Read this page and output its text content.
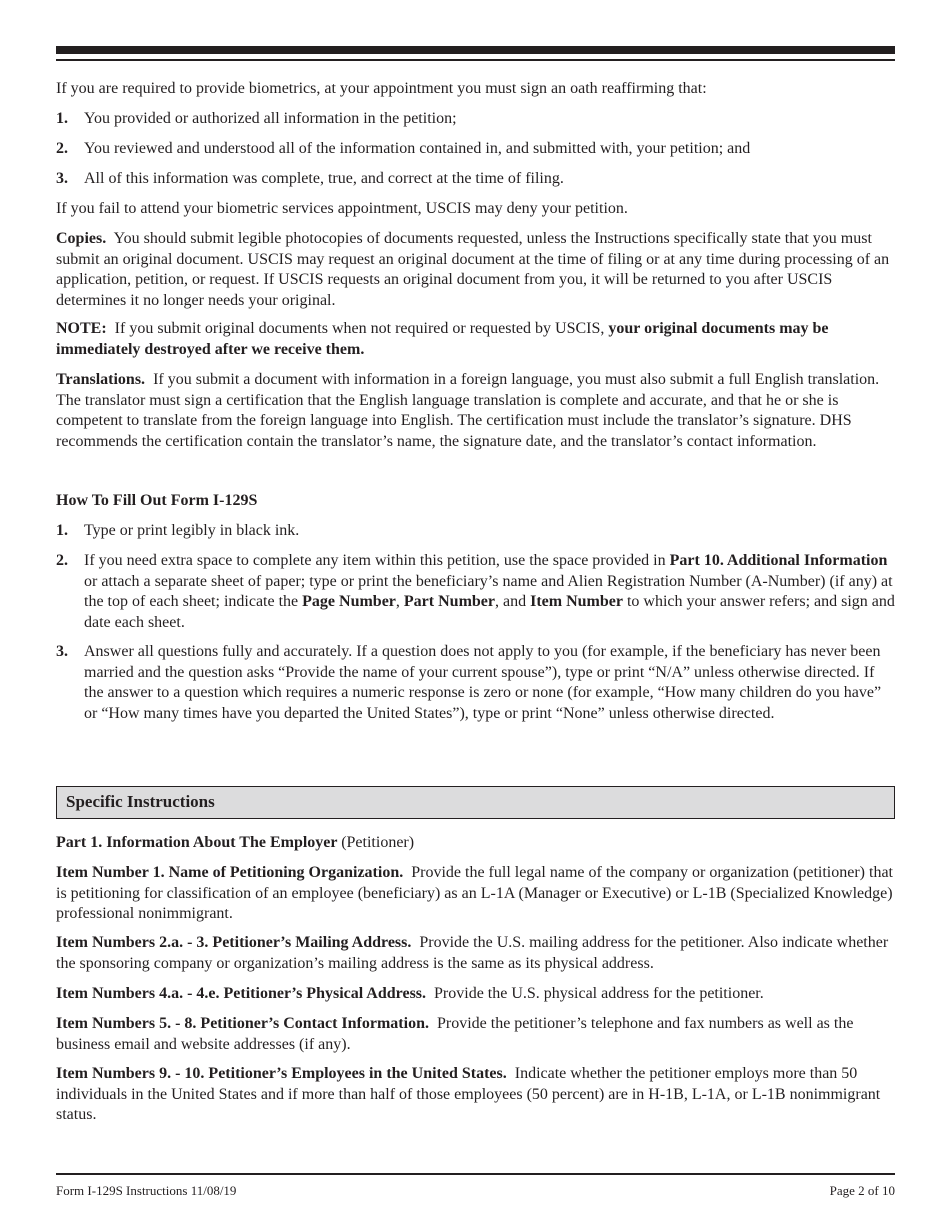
If you are required to provide biometrics, at your appointment you must sign an oath reaffirming that:

1. You provided or authorized all information in the petition;

2. You reviewed and understood all of the information contained in, and submitted with, your petition; and

3. All of this information was complete, true, and correct at the time of filing.

If you fail to attend your biometric services appointment, USCIS may deny your petition.

Copies. You should submit legible photocopies of documents requested, unless the Instructions specifically state that you must submit an original document. USCIS may request an original document at the time of filing or at any time during processing of an application, petition, or request. If USCIS requests an original document from you, it will be returned to you after USCIS determines it no longer needs your original.

NOTE: If you submit original documents when not required or requested by USCIS, your original documents may be immediately destroyed after we receive them.

Translations. If you submit a document with information in a foreign language, you must also submit a full English translation. The translator must sign a certification that the English language translation is complete and accurate, and that he or she is competent to translate from the foreign language into English. The certification must include the translator’s signature. DHS recommends the certification contain the translator’s name, the signature date, and the translator’s contact information.

How To Fill Out Form I-129S
1. Type or print legibly in black ink.

2. If you need extra space to complete any item within this petition, use the space provided in Part 10. Additional Information or attach a separate sheet of paper; type or print the beneficiary’s name and Alien Registration Number (A-Number) (if any) at the top of each sheet; indicate the Page Number, Part Number, and Item Number to which your answer refers; and sign and date each sheet.

3. Answer all questions fully and accurately. If a question does not apply to you (for example, if the beneficiary has never been married and the question asks “Provide the name of your current spouse”), type or print “N/A” unless otherwise directed. If the answer to a question which requires a numeric response is zero or none (for example, “How many children do you have” or “How many times have you departed the United States”), type or print “None” unless otherwise directed.

Part 1. Information About The Employer (Petitioner)

Item Number 1. Name of Petitioning Organization. Provide the full legal name of the company or organization (petitioner) that is petitioning for classification of an employee (beneficiary) as an L-1A (Manager or Executive) or L-1B (Specialized Knowledge) professional nonimmigrant.

Item Numbers 2.a. - 3. Petitioner’s Mailing Address. Provide the U.S. mailing address for the petitioner. Also indicate whether the sponsoring company or organization’s mailing address is the same as its physical address.

Item Numbers 4.a. - 4.e. Petitioner’s Physical Address. Provide the U.S. physical address for the petitioner.

Item Numbers 5. - 8. Petitioner’s Contact Information. Provide the petitioner’s telephone and fax numbers as well as the business email and website addresses (if any).

Item Numbers 9. - 10. Petitioner’s Employees in the United States. Indicate whether the petitioner employs more than 50 individuals in the United States and if more than half of those employees (50 percent) are in H-1B, L-1A, or L-1B nonimmigrant status.

Specific Instructions
Form I-129S Instructions 11/08/19	Page 2 of 10
